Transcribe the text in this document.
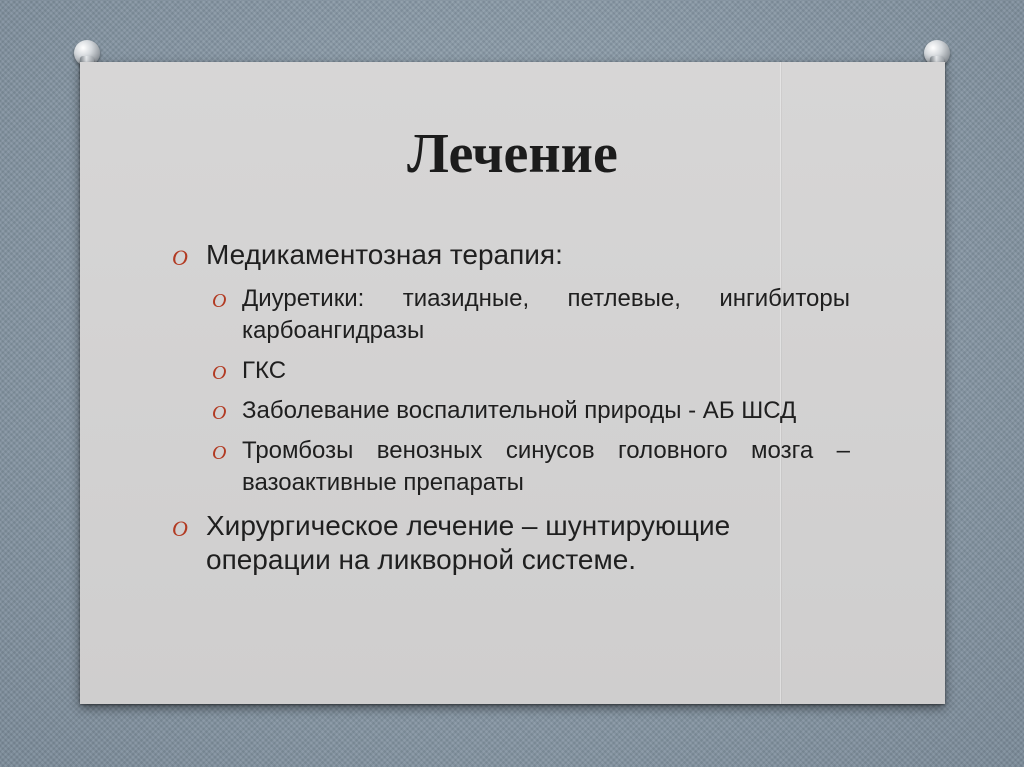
Лечение
O Медикаментозная терапия:
O Диуретики: тиазидные, петлевые, ингибиторы карбоангидразы
O ГКС
O Заболевание воспалительной природы - АБ ШСД
O Тромбозы венозных синусов головного мозга – вазоактивные препараты
O Хирургическое лечение – шунтирующие операции на ликворной системе.
